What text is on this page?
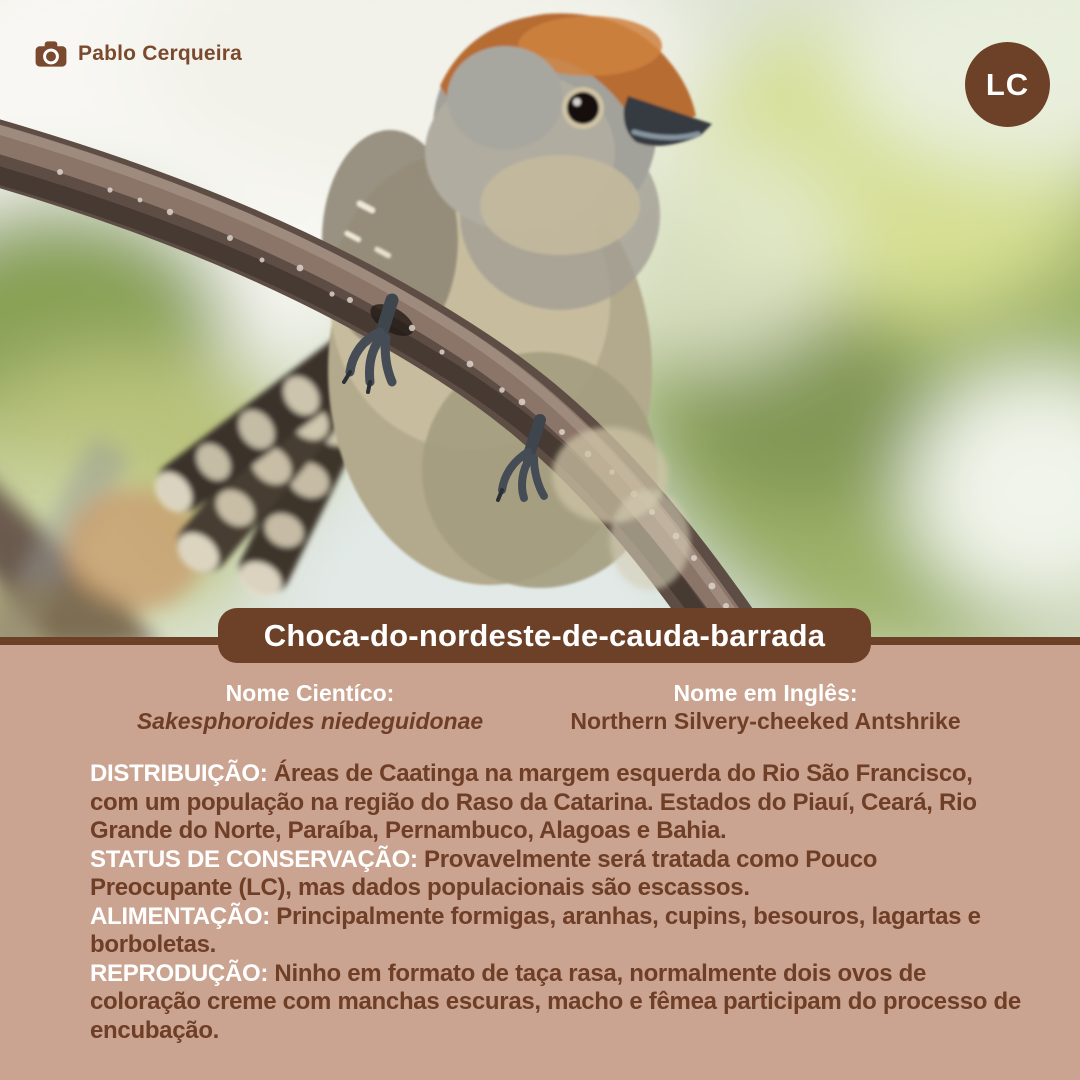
Pablo Cerqueira
LC
Choca-do-nordeste-de-cauda-barrada
Nome Cientíco:
Sakesphoroides niedeguidonae
Nome em Inglês:
Northern Silvery-cheeked Antshrike

DISTRIBUIÇÃO: Áreas de Caatinga na margem esquerda do Rio São Francisco, com um população na região do Raso da Catarina. Estados do Piauí, Ceará, Rio Grande do Norte, Paraíba, Pernambuco, Alagoas e Bahia.

STATUS DE CONSERVAÇÃO: Provavelmente será tratada como Pouco Preocupante (LC), mas dados populacionais são escassos.

ALIMENTAÇÃO: Principalmente formigas, aranhas, cupins, besouros, lagartas e borboletas.

REPRODUÇÃO: Ninho em formato de taça rasa, normalmente dois ovos de coloração creme com manchas escuras, macho e fêmea participam do processo de encubação.
